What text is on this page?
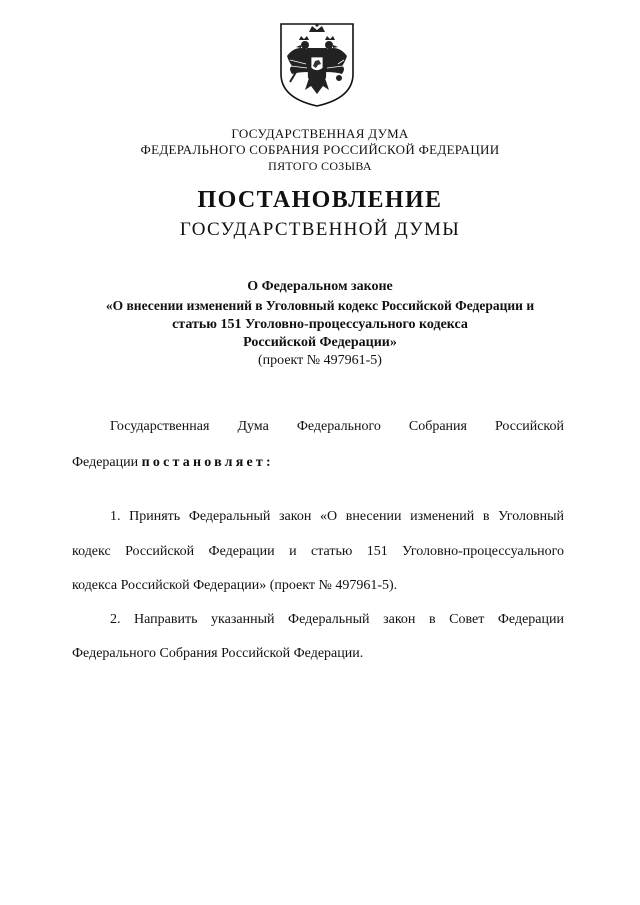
ГОСУДАРСТВЕННАЯ ДУМА
ФЕДЕРАЛЬНОГО СОБРАНИЯ РОССИЙСКОЙ ФЕДЕРАЦИИ
ПЯТОГО СОЗЫВА
ПОСТАНОВЛЕНИЕ
ГОСУДАРСТВЕННОЙ ДУМЫ
О Федеральном законе
«О внесении изменений в Уголовный кодекс Российской Федерации и
статью 151 Уголовно-процессуального кодекса
Российской Федерации»
(проект № 497961-5)
Государственная Дума Федерального Собрания Российской
Федерации постановляет:
1. Принять Федеральный закон «О внесении изменений в Уголовный
кодекс Российской Федерации и статью 151 Уголовно-процессуального
кодекса Российской Федерации» (проект № 497961-5).
2. Направить указанный Федеральный закон в Совет Федерации
Федерального Собрания Российской Федерации.
